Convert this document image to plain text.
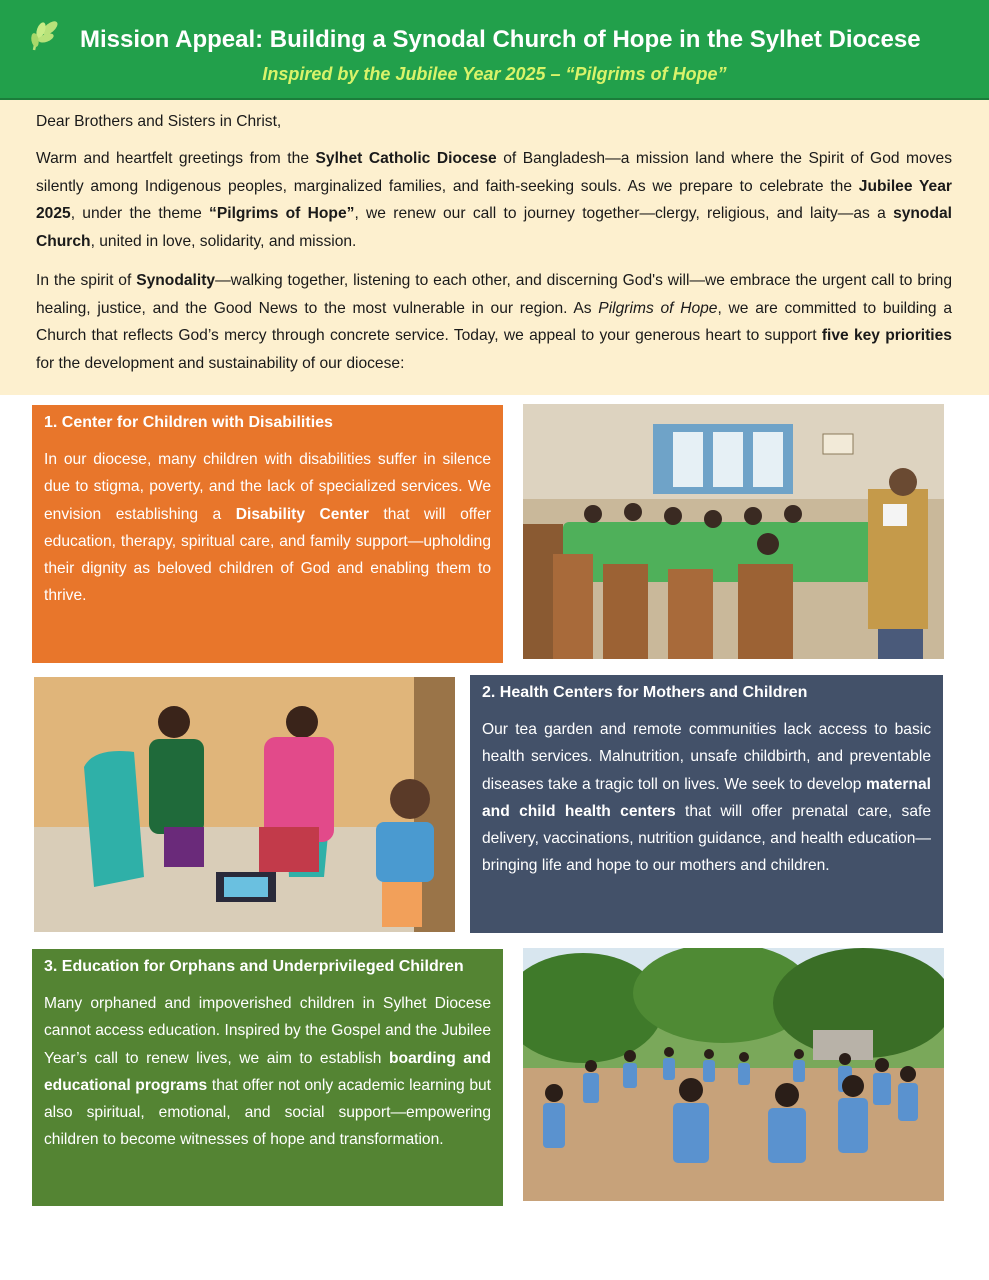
Mission Appeal: Building a Synodal Church of Hope in the Sylhet Diocese
Inspired by the Jubilee Year 2025 – “Pilgrims of Hope”

Dear Brothers and Sisters in Christ,

Warm and heartfelt greetings from the Sylhet Catholic Diocese of Bangladesh—a mission land where the Spirit of God moves silently among Indigenous peoples, marginalized families, and faith-seeking souls. As we prepare to celebrate the Jubilee Year 2025, under the theme “Pilgrims of Hope”, we renew our call to journey together—clergy, religious, and laity—as a synodal Church, united in love, solidarity, and mission.

In the spirit of Synodality—walking together, listening to each other, and discerning God's will—we embrace the urgent call to bring healing, justice, and the Good News to the most vulnerable in our region. As Pilgrims of Hope, we are committed to building a Church that reflects God’s mercy through concrete service. Today, we appeal to your generous heart to support five key priorities for the development and sustainability of our diocese:

1. Center for Children with Disabilities

In our diocese, many children with disabilities suffer in silence due to stigma, poverty, and the lack of specialized services. We envision establishing a Disability Center that will offer education, therapy, spiritual care, and family support—upholding their dignity as beloved children of God and enabling them to thrive.

2. Health Centers for Mothers and Children

Our tea garden and remote communities lack access to basic health services. Malnutrition, unsafe childbirth, and preventable diseases take a tragic toll on lives. We seek to develop maternal and child health centers that will offer prenatal care, safe delivery, vaccinations, nutrition guidance, and health education—bringing life and hope to our mothers and children.

3. Education for Orphans and Underprivileged Children

Many orphaned and impoverished children in Sylhet Diocese cannot access education. Inspired by the Gospel and the Jubilee Year’s call to renew lives, we aim to establish boarding and educational programs that offer not only academic learning but also spiritual, emotional, and social support—empowering children to become witnesses of hope and transformation.
